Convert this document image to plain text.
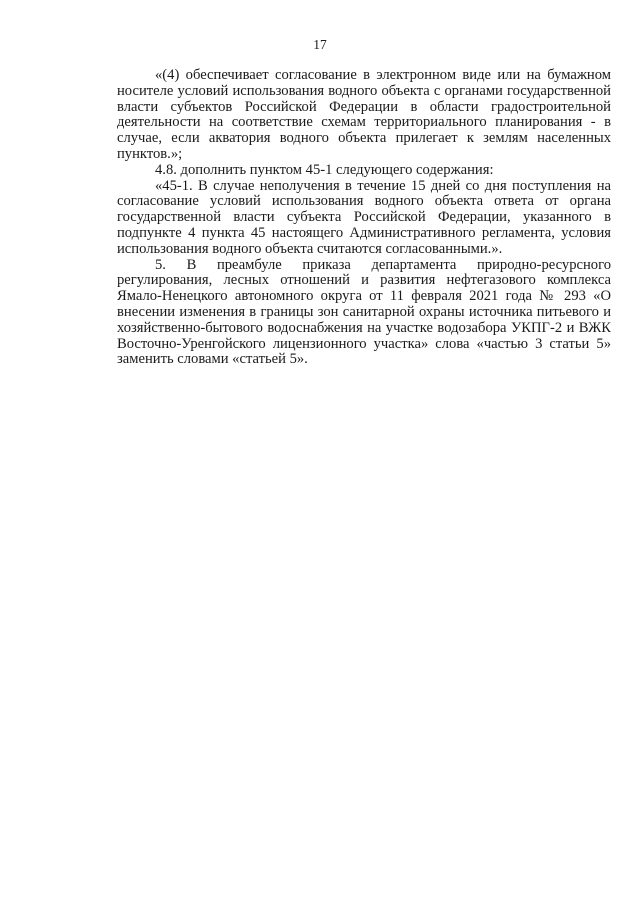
17

«(4) обеспечивает согласование в электронном виде или на бумажном носителе условий использования водного объекта с органами государственной власти субъектов Российской Федерации в области градостроительной деятельности на соответствие схемам территориального планирования - в случае, если акватория водного объекта прилегает к землям населенных пунктов.»;

4.8. дополнить пунктом 45-1 следующего содержания:

«45-1. В случае неполучения в течение 15 дней со дня поступления на согласование условий использования водного объекта ответа от органа государственной власти субъекта Российской Федерации, указанного в подпункте 4 пункта 45 настоящего Административного регламента, условия использования водного объекта считаются согласованными.».

5. В преамбуле приказа департамента природно-ресурсного регулирования, лесных отношений и развития нефтегазового комплекса Ямало-Ненецкого автономного округа от 11 февраля 2021 года № 293 «О внесении изменения в границы зон санитарной охраны источника питьевого и хозяйственно-бытового водоснабжения на участке водозабора УКПГ-2 и ВЖК Восточно-Уренгойского лицензионного участка» слова «частью 3 статьи 5» заменить словами «статьей 5».
